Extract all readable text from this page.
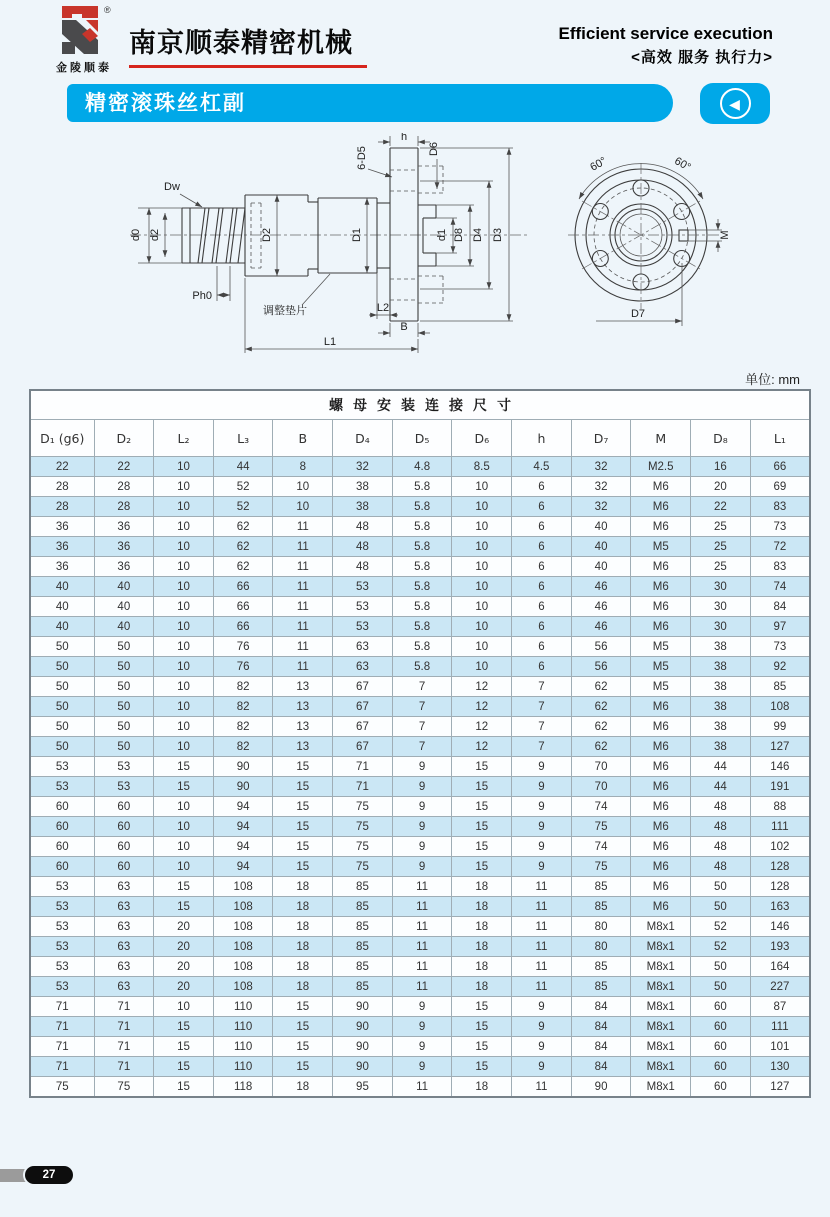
®
金陵顺泰
南京顺泰精密机械	Efficient service execution
<高效 服务 执行力>
精密滚珠丝杠副	◀
Dw
d0 d2
Ph0
D2	D1
h
6-D5	D6
d1 D8 D4 D3
L2
B
L1
调整垫片
60°	60°
M
D7
单位: mm
螺母安装连接尺寸												
D₁ (g6)	D₂	L₂	L₃	B	D₄	D₅	D₆	h	D₇	M	D₈	L₁
22	22	10	44	8	32	4.8	8.5	4.5	32	M2.5	16	66
28	28	10	52	10	38	5.8	10	6	32	M6	20	69
28	28	10	52	10	38	5.8	10	6	32	M6	22	83
36	36	10	62	11	48	5.8	10	6	40	M6	25	73
36	36	10	62	11	48	5.8	10	6	40	M5	25	72
36	36	10	62	11	48	5.8	10	6	40	M6	25	83
40	40	10	66	11	53	5.8	10	6	46	M6	30	74
40	40	10	66	11	53	5.8	10	6	46	M6	30	84
40	40	10	66	11	53	5.8	10	6	46	M6	30	97
50	50	10	76	11	63	5.8	10	6	56	M5	38	73
50	50	10	76	11	63	5.8	10	6	56	M5	38	92
50	50	10	82	13	67	7	12	7	62	M5	38	85
50	50	10	82	13	67	7	12	7	62	M6	38	108
50	50	10	82	13	67	7	12	7	62	M6	38	99
50	50	10	82	13	67	7	12	7	62	M6	38	127
53	53	15	90	15	71	9	15	9	70	M6	44	146
53	53	15	90	15	71	9	15	9	70	M6	44	191
60	60	10	94	15	75	9	15	9	74	M6	48	88
60	60	10	94	15	75	9	15	9	75	M6	48	111
60	60	10	94	15	75	9	15	9	74	M6	48	102
60	60	10	94	15	75	9	15	9	75	M6	48	128
53	63	15	108	18	85	11	18	11	85	M6	50	128
53	63	15	108	18	85	11	18	11	85	M6	50	163
53	63	20	108	18	85	11	18	11	80	M8x1	52	146
53	63	20	108	18	85	11	18	11	80	M8x1	52	193
53	63	20	108	18	85	11	18	11	85	M8x1	50	164
53	63	20	108	18	85	11	18	11	85	M8x1	50	227
71	71	10	110	15	90	9	15	9	84	M8x1	60	87
71	71	15	110	15	90	9	15	9	84	M8x1	60	111
71	71	15	110	15	90	9	15	9	84	M8x1	60	101
71	71	15	110	15	90	9	15	9	84	M8x1	60	130
75	75	15	118	18	95	11	18	11	90	M8x1	60	127
27
